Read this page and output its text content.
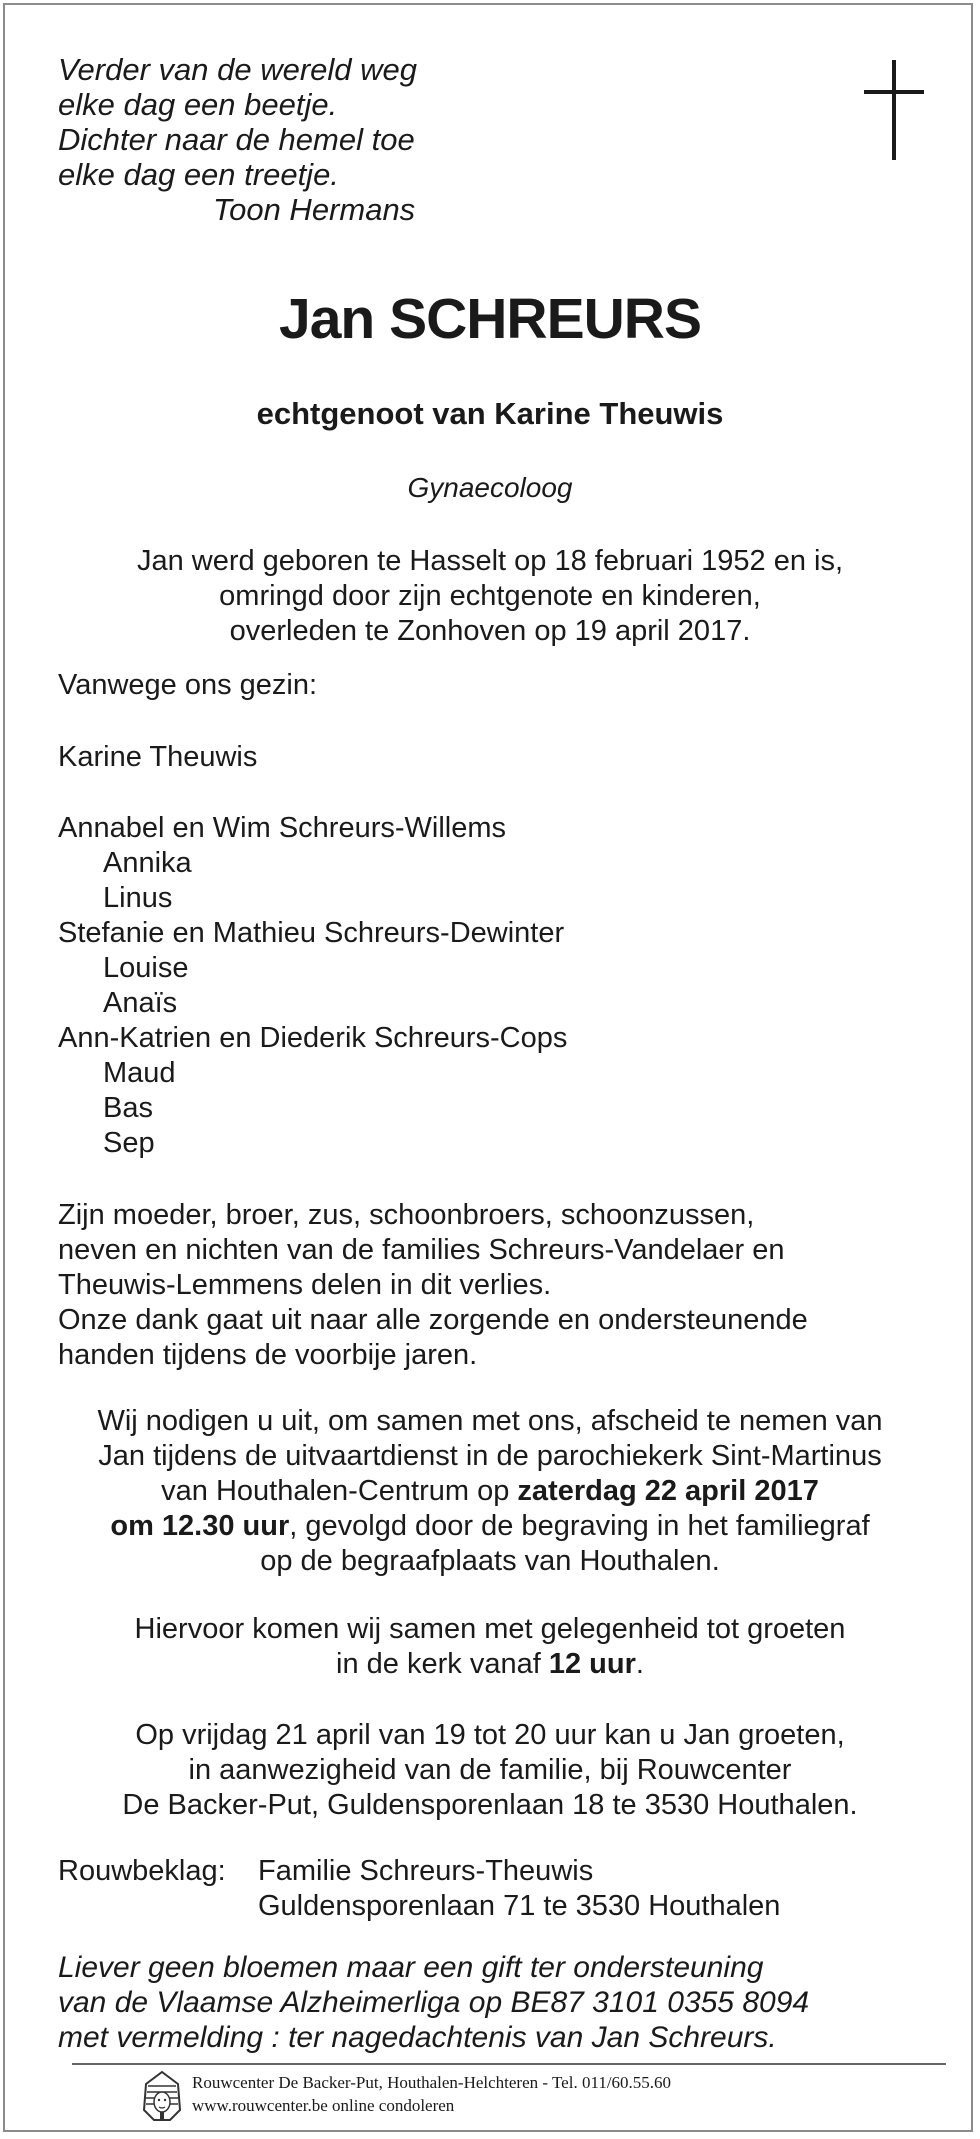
Verder van de wereld weg
elke dag een beetje.
Dichter naar de hemel toe
elke dag een treetje.
Toon Hermans
Jan SCHREURS
echtgenoot van Karine Theuwis
Gynaecoloog
Jan werd geboren te Hasselt op 18 februari 1952 en is,
omringd door zijn echtgenote en kinderen,
overleden te Zonhoven op 19 april 2017.
Vanwege ons gezin:
Karine Theuwis
Annabel en Wim Schreurs-Willems
Annika
Linus
Stefanie en Mathieu Schreurs-Dewinter
Louise
Anaïs
Ann-Katrien en Diederik Schreurs-Cops
Maud
Bas
Sep
Zijn moeder, broer, zus, schoonbroers, schoonzussen,
neven en nichten van de families Schreurs-Vandelaer en
Theuwis-Lemmens delen in dit verlies.
Onze dank gaat uit naar alle zorgende en ondersteunende
handen tijdens de voorbije jaren.
Wij nodigen u uit, om samen met ons, afscheid te nemen van
Jan tijdens de uitvaartdienst in de parochiekerk Sint-Martinus
van Houthalen-Centrum op zaterdag 22 april 2017
om 12.30 uur, gevolgd door de begraving in het familiegraf
op de begraafplaats van Houthalen.
Hiervoor komen wij samen met gelegenheid tot groeten
in de kerk vanaf 12 uur.
Op vrijdag 21 april van 19 tot 20 uur kan u Jan groeten,
in aanwezigheid van de familie, bij Rouwcenter
De Backer-Put, Guldensporenlaan 18 te 3530 Houthalen.
Rouwbeklag: Familie Schreurs-Theuwis
Guldensporenlaan 71 te 3530 Houthalen
Liever geen bloemen maar een gift ter ondersteuning
van de Vlaamse Alzheimerliga op BE87 3101 0355 8094
met vermelding : ter nagedachtenis van Jan Schreurs.
Rouwcenter De Backer-Put, Houthalen-Helchteren - Tel. 011/60.55.60
www.rouwcenter.be online condoleren
